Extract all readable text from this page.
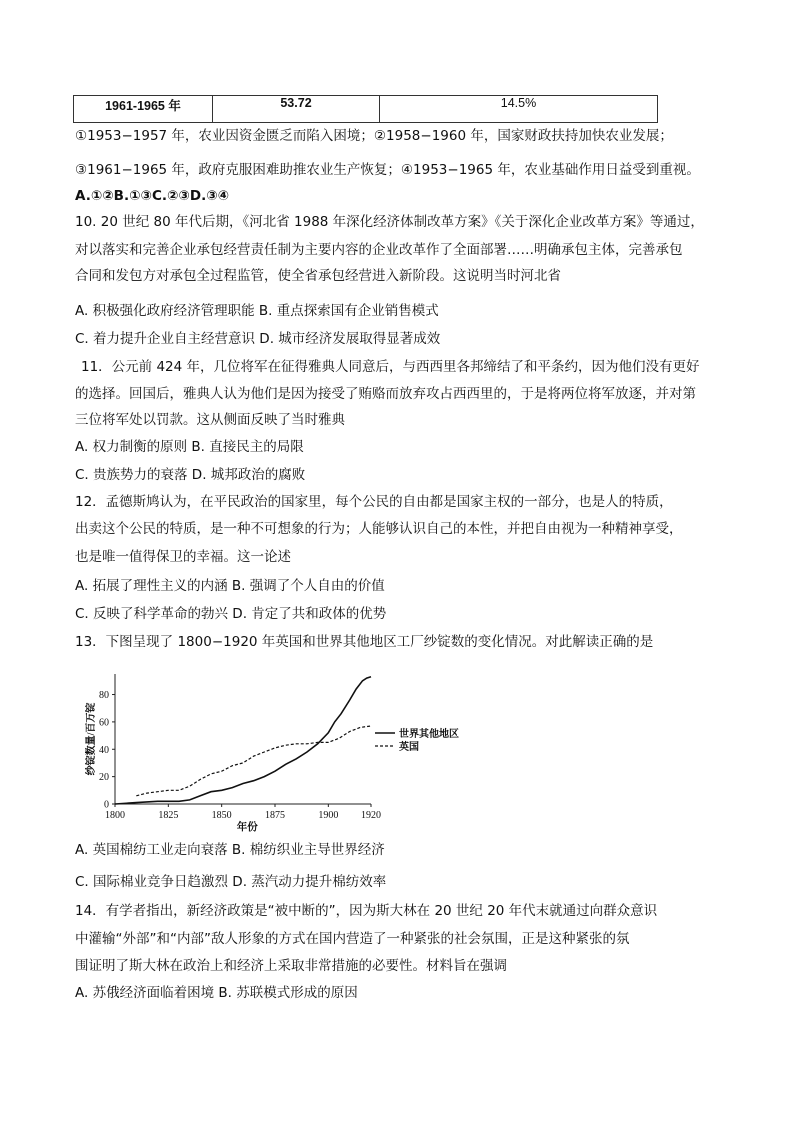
1961-1965 年	53.72	14.5%
①1953−1957 年，农业因资金匮乏而陷入困境；②1958−1960 年，国家财政扶持加快农业发展；
③1961−1965 年，政府克服困难助推农业生产恢复；④1953−1965 年，农业基础作用日益受到重视。
A.①②B.①③C.②③D.③④
10. 20 世纪 80 年代后期，《河北省 1988 年深化经济体制改革方案》《关于深化企业改革方案》等通过，
对以落实和完善企业承包经营责任制为主要内容的企业改革作了全面部署……明确承包主体，完善承包
合同和发包方对承包全过程监管，使全省承包经营进入新阶段。这说明当时河北省
A. 积极强化政府经济管理职能 B. 重点探索国有企业销售模式
C. 着力提升企业自主经营意识 D. 城市经济发展取得显著成效
11．公元前 424 年，几位将军在征得雅典人同意后，与西西里各邦缔结了和平条约，因为他们没有更好
的选择。回国后，雅典人认为他们是因为接受了贿赂而放弃攻占西西里的，于是将两位将军放逐，并对第
三位将军处以罚款。这从侧面反映了当时雅典
A. 权力制衡的原则 B. 直接民主的局限
C. 贵族势力的衰落 D. 城邦政治的腐败
12．孟德斯鸠认为，在平民政治的国家里，每个公民的自由都是国家主权的一部分，也是人的特质，
出卖这个公民的特质，是一种不可想象的行为；人能够认识自己的本性，并把自由视为一种精神享受，
也是唯一值得保卫的幸福。这一论述
A. 拓展了理性主义的内涵 B. 强调了个人自由的价值
C. 反映了科学革命的勃兴 D. 肯定了共和政体的优势
13．下图呈现了 1800−1920 年英国和世界其他地区工厂纱锭数的变化情况。对此解读正确的是
1800	1825	1850	1875	1900 1920
0
20
40
60
80
年份
纱锭数量/百万锭	世界其他地区
英国
A. 英国棉纺工业走向衰落 B. 棉纺织业主导世界经济
C. 国际棉业竞争日趋激烈 D. 蒸汽动力提升棉纺效率
14．有学者指出，新经济政策是“被中断的”，因为斯大林在 20 世纪 20 年代末就通过向群众意识
中灌输“外部”和“内部”敌人形象的方式在国内营造了一种紧张的社会氛围，正是这种紧张的氛
围证明了斯大林在政治上和经济上采取非常措施的必要性。材料旨在强调
A. 苏俄经济面临着困境 B. 苏联模式形成的原因
